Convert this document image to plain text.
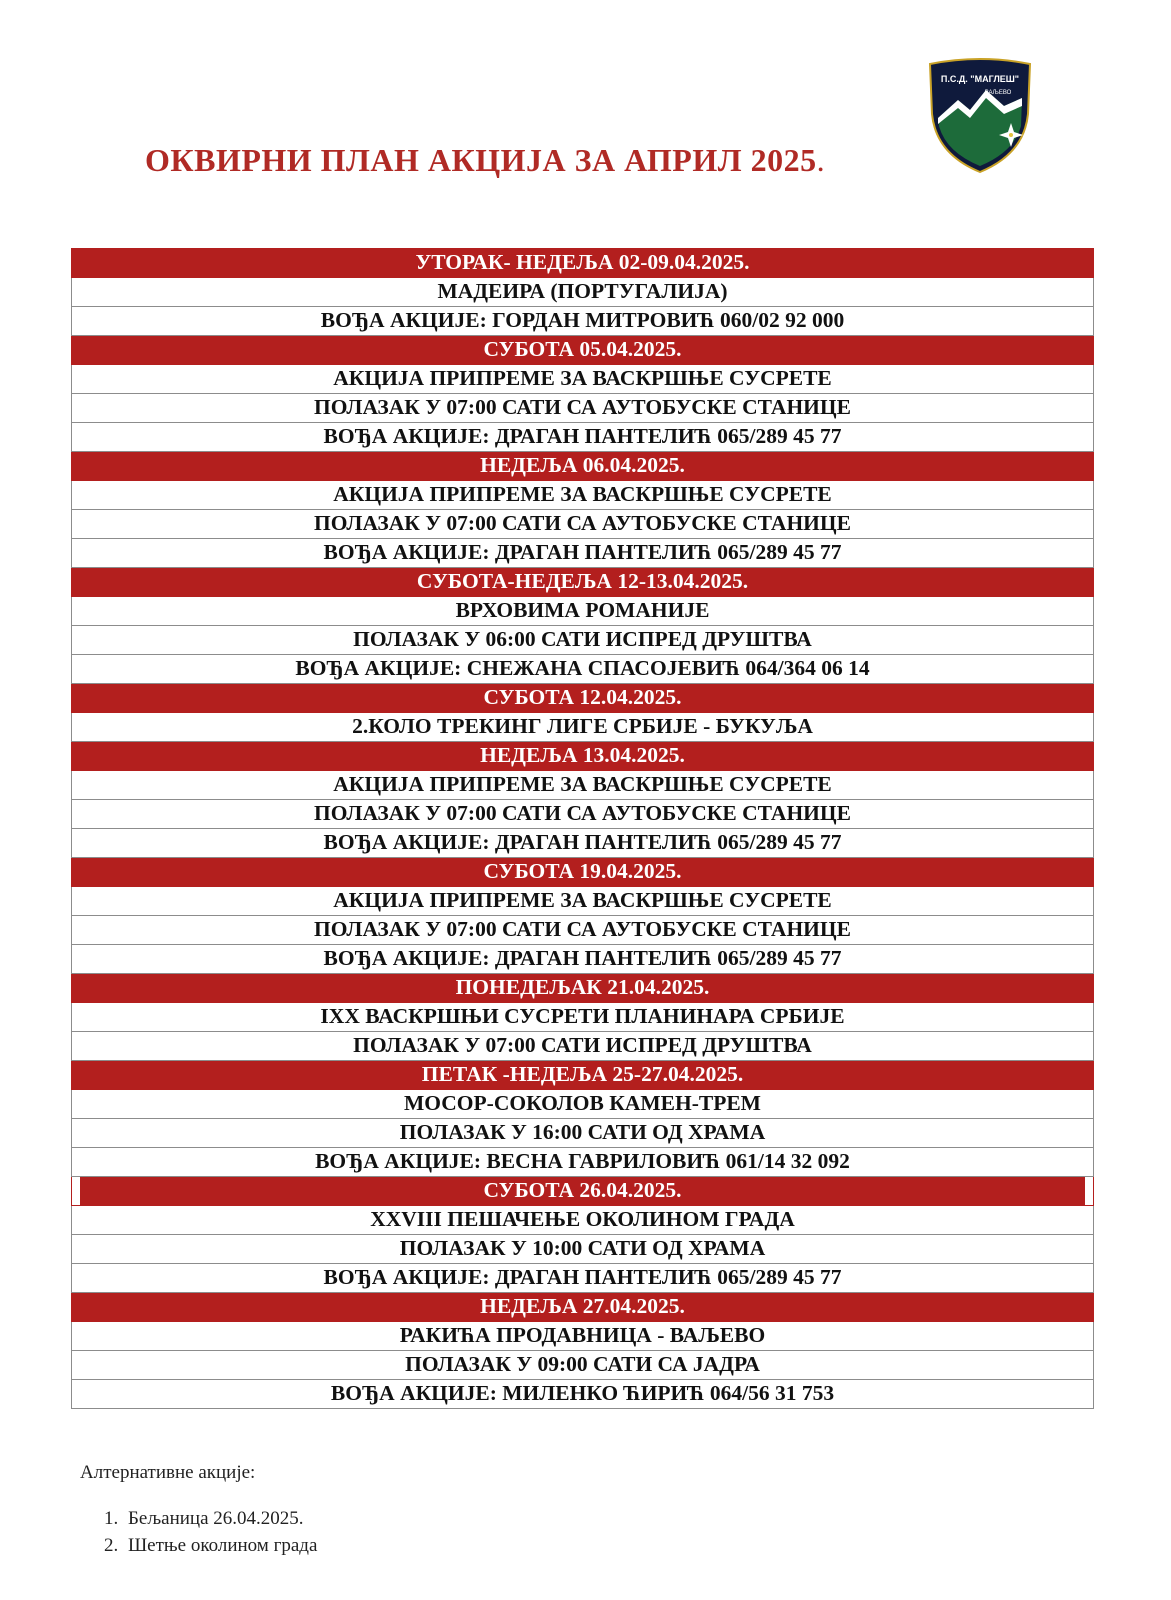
ОКВИРНИ ПЛАН АКЦИЈА ЗА АПРИЛ 2025.
П.С.Д. "МАГЛЕШ"
ВАЉЕВО
УТОРАК- НЕДЕЉА 02-09.04.2025.
МАДЕИРА (ПОРТУГАЛИЈА)
ВОЂА АКЦИЈЕ: ГОРДАН МИТРОВИЋ 060/02 92 000
СУБОТА 05.04.2025.
АКЦИЈА ПРИПРЕМЕ ЗА ВАСКРШЊЕ СУСРЕТЕ
ПОЛАЗАК У 07:00 САТИ СА АУТОБУСКЕ СТАНИЦЕ
ВОЂА АКЦИЈЕ: ДРАГАН ПАНТЕЛИЋ 065/289 45 77
НЕДЕЉА 06.04.2025.
АКЦИЈА ПРИПРЕМЕ ЗА ВАСКРШЊЕ СУСРЕТЕ
ПОЛАЗАК У 07:00 САТИ СА АУТОБУСКЕ СТАНИЦЕ
ВОЂА АКЦИЈЕ: ДРАГАН ПАНТЕЛИЋ 065/289 45 77
СУБОТА-НЕДЕЉА 12-13.04.2025.
ВРХОВИМА РОМАНИЈЕ
ПОЛАЗАК У 06:00 САТИ ИСПРЕД ДРУШТВА
ВОЂА АКЦИЈЕ: СНЕЖАНА СПАСОЈЕВИЋ 064/364 06 14
СУБОТА 12.04.2025.
2.КОЛО ТРЕКИНГ ЛИГЕ СРБИЈЕ - БУКУЉА
НЕДЕЉА 13.04.2025.
АКЦИЈА ПРИПРЕМЕ ЗА ВАСКРШЊЕ СУСРЕТЕ
ПОЛАЗАК У 07:00 САТИ СА АУТОБУСКЕ СТАНИЦЕ
ВОЂА АКЦИЈЕ: ДРАГАН ПАНТЕЛИЋ 065/289 45 77
СУБОТА 19.04.2025.
АКЦИЈА ПРИПРЕМЕ ЗА ВАСКРШЊЕ СУСРЕТЕ
ПОЛАЗАК У 07:00 САТИ СА АУТОБУСКЕ СТАНИЦЕ
ВОЂА АКЦИЈЕ: ДРАГАН ПАНТЕЛИЋ 065/289 45 77
ПОНЕДЕЉАК 21.04.2025.
IXX ВАСКРШЊИ СУСРЕТИ ПЛАНИНАРА СРБИЈЕ
ПОЛАЗАК У 07:00 САТИ ИСПРЕД ДРУШТВА
ПЕТАК -НЕДЕЉА 25-27.04.2025.
МОСОР-СОКОЛОВ КАМЕН-ТРЕМ
ПОЛАЗАК У 16:00 САТИ ОД ХРАМА
ВОЂА АКЦИЈЕ: ВЕСНА ГАВРИЛОВИЋ 061/14 32 092
СУБОТА 26.04.2025.
XXVIII ПЕШАЧЕЊЕ ОКОЛИНОМ ГРАДА
ПОЛАЗАК У 10:00 САТИ ОД ХРАМА
ВОЂА АКЦИЈЕ: ДРАГАН ПАНТЕЛИЋ 065/289 45 77
НЕДЕЉА 27.04.2025.
РАКИЋА ПРОДАВНИЦА - ВАЉЕВО
ПОЛАЗАК У 09:00 САТИ СА ЈАДРА
ВОЂА АКЦИЈЕ: МИЛЕНКО ЋИРИЋ 064/56 31 753
Алтернативне акције:
1. Бељаница 26.04.2025.
2. Шетње околином града
